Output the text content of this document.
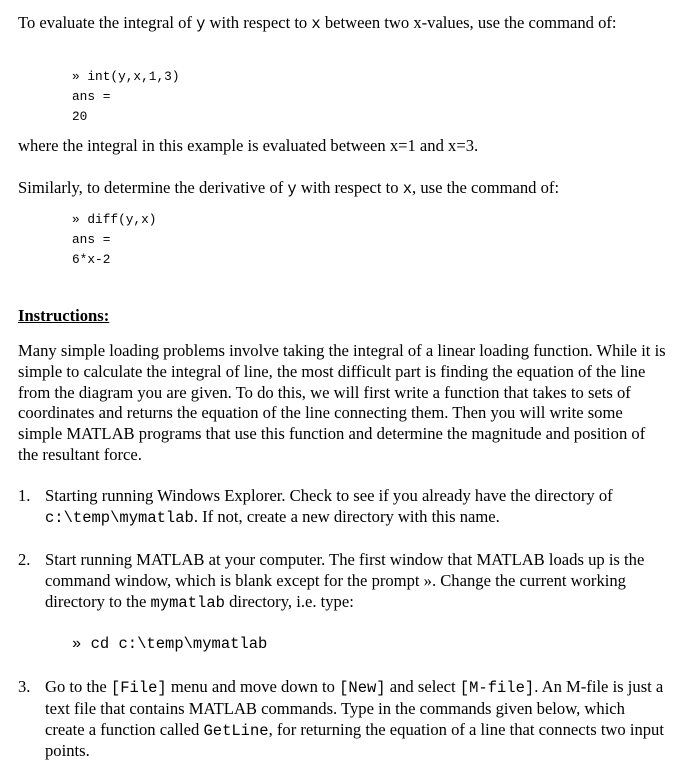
To evaluate the integral of y with respect to x between two x-values, use the command of:

» int(y,x,1,3)
ans =
20

where the integral in this example is evaluated between x=1 and x=3.

Similarly, to determine the derivative of y with respect to x, use the command of:

» diff(y,x)
ans =
6*x-2

Instructions:

Many simple loading problems involve taking the integral of a linear loading function. While it is simple to calculate the integral of line, the most difficult part is finding the equation of the line from the diagram you are given. To do this, we will first write a function that takes to sets of coordinates and returns the equation of the line connecting them. Then you will write some simple MATLAB programs that use this function and determine the magnitude and position of the resultant force.

1. Starting running Windows Explorer. Check to see if you already have the directory of c:\temp\mymatlab. If not, create a new directory with this name.
2. Start running MATLAB at your computer. The first window that MATLAB loads up is the command window, which is blank except for the prompt ». Change the current working directory to the mymatlab directory, i.e. type:
3. Go to the [File] menu and move down to [New] and select [M-file]. An M-file is just a text file that contains MATLAB commands. Type in the commands given below, which create a function called GetLine, for returning the equation of a line that connects two input points.
» cd c:\temp\mymatlab
